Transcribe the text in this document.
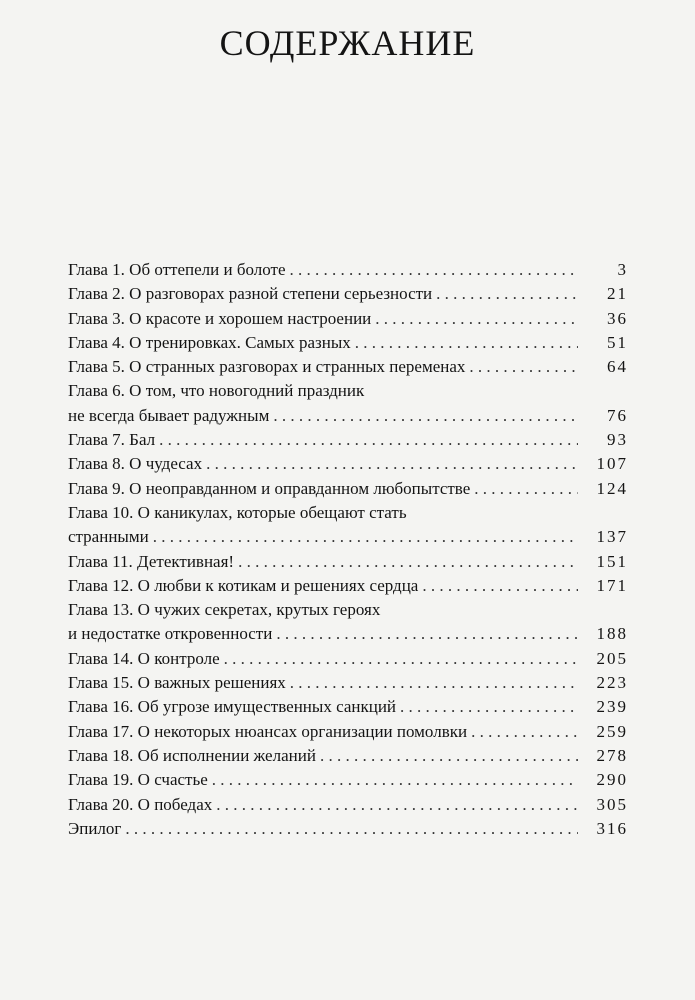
СОДЕРЖАНИЕ
Глава 1. Об оттепели и болоте . . .	3
Глава 2. О разговорах разной степени серьезности . . .	21
Глава 3. О красоте и хорошем настроении . . .	36
Глава 4. О тренировках. Самых разных . . .	51
Глава 5. О странных разговорах и странных переменах . . .	64
Глава 6. О том, что новогодний праздник
не всегда бывает радужным . . .	76
Глава 7. Бал . . .	93
Глава 8. О чудесах . . .	107
Глава 9. О неоправданном и оправданном любопытстве . . .	124
Глава 10. О каникулах, которые обещают стать
странными . . .	137
Глава 11. Детективная! . . .	151
Глава 12. О любви к котикам и решениях сердца . . .	171
Глава 13. О чужих секретах, крутых героях
и недостатке откровенности . . .	188
Глава 14. О контроле . . .	205
Глава 15. О важных решениях . . .	223
Глава 16. Об угрозе имущественных санкций . . .	239
Глава 17. О некоторых нюансах организации помолвки . . .	259
Глава 18. Об исполнении желаний . . .	278
Глава 19. О счастье . . .	290
Глава 20. О победах . . .	305
Эпилог . . .	316
